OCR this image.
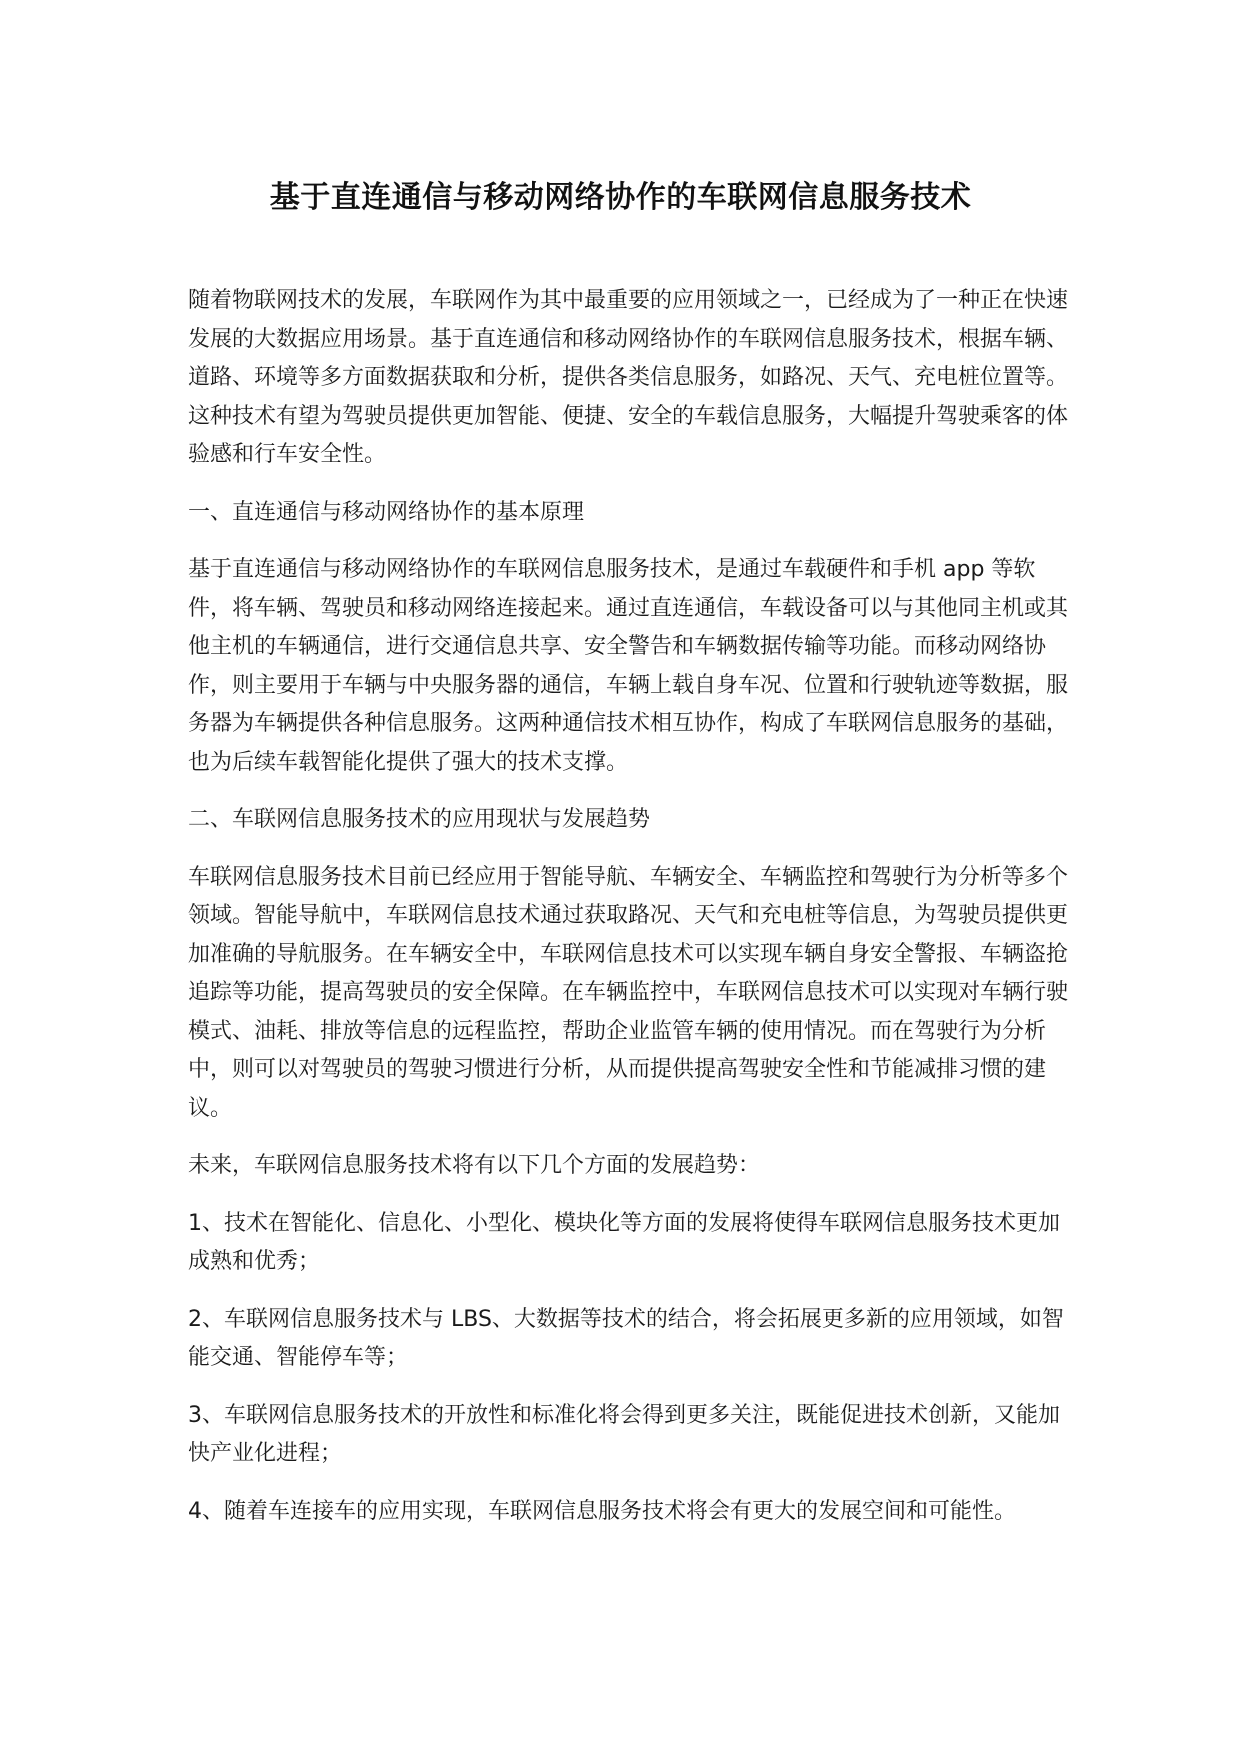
基于直连通信与移动网络协作的车联网信息服务技术

随着物联网技术的发展，车联网作为其中最重要的应用领域之一，已经成为了一种正在快速发展的大数据应用场景。基于直连通信和移动网络协作的车联网信息服务技术，根据车辆、道路、环境等多方面数据获取和分析，提供各类信息服务，如路况、天气、充电桩位置等。这种技术有望为驾驶员提供更加智能、便捷、安全的车载信息服务，大幅提升驾驶乘客的体验感和行车安全性。

一、直连通信与移动网络协作的基本原理

基于直连通信与移动网络协作的车联网信息服务技术，是通过车载硬件和手机 app 等软件，将车辆、驾驶员和移动网络连接起来。通过直连通信，车载设备可以与其他同主机或其他主机的车辆通信，进行交通信息共享、安全警告和车辆数据传输等功能。而移动网络协作，则主要用于车辆与中央服务器的通信，车辆上载自身车况、位置和行驶轨迹等数据，服务器为车辆提供各种信息服务。这两种通信技术相互协作，构成了车联网信息服务的基础，也为后续车载智能化提供了强大的技术支撑。

二、车联网信息服务技术的应用现状与发展趋势

车联网信息服务技术目前已经应用于智能导航、车辆安全、车辆监控和驾驶行为分析等多个领域。智能导航中，车联网信息技术通过获取路况、天气和充电桩等信息，为驾驶员提供更加准确的导航服务。在车辆安全中，车联网信息技术可以实现车辆自身安全警报、车辆盗抢追踪等功能，提高驾驶员的安全保障。在车辆监控中，车联网信息技术可以实现对车辆行驶模式、油耗、排放等信息的远程监控，帮助企业监管车辆的使用情况。而在驾驶行为分析中，则可以对驾驶员的驾驶习惯进行分析，从而提供提高驾驶安全性和节能减排习惯的建议。

未来，车联网信息服务技术将有以下几个方面的发展趋势：

1、技术在智能化、信息化、小型化、模块化等方面的发展将使得车联网信息服务技术更加成熟和优秀；

2、车联网信息服务技术与 LBS、大数据等技术的结合，将会拓展更多新的应用领域，如智能交通、智能停车等；

3、车联网信息服务技术的开放性和标准化将会得到更多关注，既能促进技术创新，又能加快产业化进程；

4、随着车连接车的应用实现，车联网信息服务技术将会有更大的发展空间和可能性。
